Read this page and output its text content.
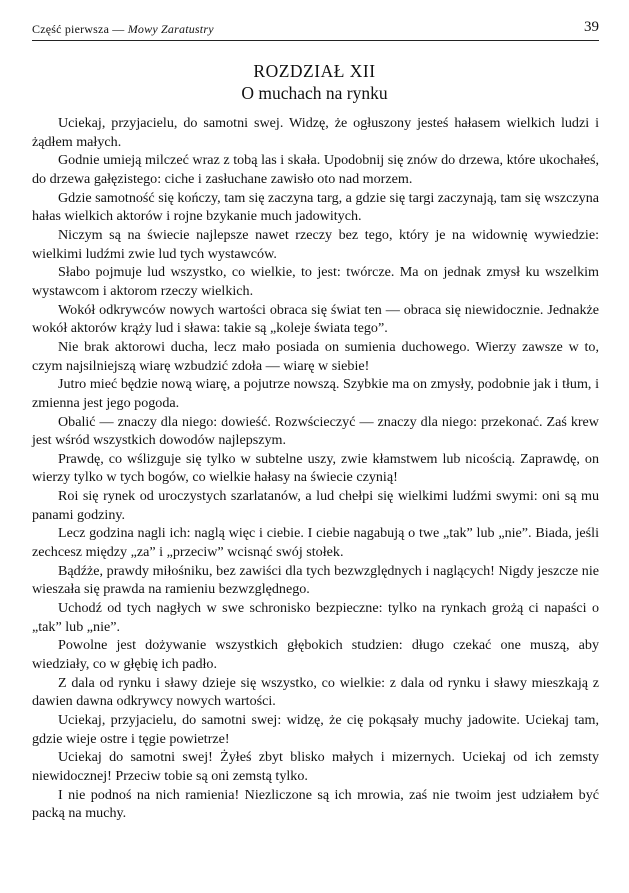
Część pierwsza — Mowy Zaratustry	39
ROZDZIAŁ XII
O muchach na rynku

Uciekaj, przyjacielu, do samotni swej. Widzę, że ogłuszony jesteś hałasem wielkich ludzi i żądłem małych.

Godnie umieją milczeć wraz z tobą las i skała. Upodobnij się znów do drzewa, które ukochałeś, do drzewa gałęzistego: ciche i zasłuchane zawisło oto nad morzem.

Gdzie samotność się kończy, tam się zaczyna targ, a gdzie się targi zaczynają, tam się wszczyna hałas wielkich aktorów i rojne bzykanie much jadowitych.

Niczym są na świecie najlepsze nawet rzeczy bez tego, który je na widownię wywiedzie: wielkimi ludźmi zwie lud tych wystawców.

Słabo pojmuje lud wszystko, co wielkie, to jest: twórcze. Ma on jednak zmysł ku wszelkim wystawcom i aktorom rzeczy wielkich.

Wokół odkrywców nowych wartości obraca się świat ten — obraca się niewidocznie. Jednakże wokół aktorów krąży lud i sława: takie są „koleje świata tego”.

Nie brak aktorowi ducha, lecz mało posiada on sumienia duchowego. Wierzy zawsze w to, czym najsilniejszą wiarę wzbudzić zdoła — wiarę w siebie!

Jutro mieć będzie nową wiarę, a pojutrze nowszą. Szybkie ma on zmysły, podobnie jak i tłum, i zmienna jest jego pogoda.

Obalić — znaczy dla niego: dowieść. Rozwścieczyć — znaczy dla niego: przekonać. Zaś krew jest wśród wszystkich dowodów najlepszym.

Prawdę, co wślizguje się tylko w subtelne uszy, zwie kłamstwem lub nicością. Zaprawdę, on wierzy tylko w tych bogów, co wielkie hałasy na świecie czynią!

Roi się rynek od uroczystych szarlatanów, a lud chełpi się wielkimi ludźmi swymi: oni są mu panami godziny.

Lecz godzina nagli ich: naglą więc i ciebie. I ciebie nagabują o twe „tak” lub „nie”. Biada, jeśli zechcesz między „za” i „przeciw” wcisnąć swój stołek.

Bądźże, prawdy miłośniku, bez zawiści dla tych bezwzględnych i naglących! Nigdy jeszcze nie wieszała się prawda na ramieniu bezwzględnego.

Uchodź od tych nagłych w swe schronisko bezpieczne: tylko na rynkach grożą ci napaści o „tak” lub „nie”.

Powolne jest dożywanie wszystkich głębokich studzien: długo czekać one muszą, aby wiedziały, co w głębię ich padło.

Z dala od rynku i sławy dzieje się wszystko, co wielkie: z dala od rynku i sławy mieszkają z dawien dawna odkrywcy nowych wartości.

Uciekaj, przyjacielu, do samotni swej: widzę, że cię pokąsały muchy jadowite. Uciekaj tam, gdzie wieje ostre i tęgie powietrze!

Uciekaj do samotni swej! Żyłeś zbyt blisko małych i mizernych. Uciekaj od ich zemsty niewidocznej! Przeciw tobie są oni zemstą tylko.

I nie podnoś na nich ramienia! Niezliczone są ich mrowia, zaś nie twoim jest udziałem być packą na muchy.
